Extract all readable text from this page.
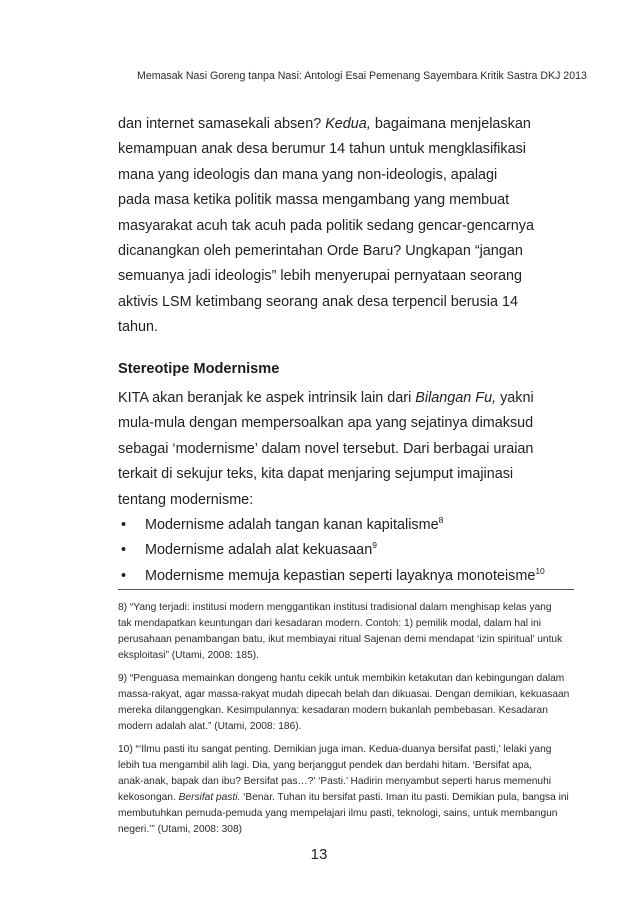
Memasak Nasi Goreng tanpa Nasi: Antologi Esai Pemenang Sayembara Kritik Sastra DKJ 2013
dan internet samasekali absen? Kedua, bagaimana menjelaskan
kemampuan anak desa berumur 14 tahun untuk mengklasifikasi
mana yang ideologis dan mana yang non-ideologis, apalagi
pada masa ketika politik massa mengambang yang membuat
masyarakat acuh tak acuh pada politik sedang gencar-gencarnya
dicanangkan oleh pemerintahan Orde Baru? Ungkapan “jangan
semuanya jadi ideologis” lebih menyerupai pernyataan seorang
aktivis LSM ketimbang seorang anak desa terpencil berusia 14
tahun.
Stereotipe Modernisme
KITA akan beranjak ke aspek intrinsik lain dari Bilangan Fu, yakni
mula-mula dengan mempersoalkan apa yang sejatinya dimaksud
sebagai ‘modernisme’ dalam novel tersebut. Dari berbagai uraian
terkait di sekujur teks, kita dapat menjaring sejumput imajinasi
tentang modernisme:
•	Modernisme adalah tangan kanan kapitalisme$^8$
•	Modernisme adalah alat kekuasaan$^9$
•	Modernisme memuja kepastian seperti layaknya monoteisme$^{10}$
8) “Yang terjadi: institusi modern menggantikan institusi tradisional dalam menghisap kelas yang
tak mendapatkan keuntungan dari kesadaran modern. Contoh: 1) pemilik modal, dalam hal ini
perusahaan penambangan batu, ikut membiayai ritual Sajenan demi mendapat ‘izin spiritual’ untuk
eksploitasi” (Utami, 2008: 185).
9) “Penguasa memainkan dongeng hantu cekik untuk membikin ketakutan dan kebingungan dalam
massa-rakyat, agar massa-rakyat mudah dipecah belah dan dikuasai. Dengan demikian, kekuasaan
mereka dilanggengkan. Kesimpulannya: kesadaran modern bukanlah pembebasan. Kesadaran
modern adalah alat.” (Utami, 2008: 186).
10) “‘Ilmu pasti itu sangat penting. Demikian juga iman. Kedua-duanya bersifat pasti,’ lelaki yang
lebih tua mengambil alih lagi. Dia, yang berjanggut pendek dan berdahi hitam. ‘Bersifat apa,
anak-anak, bapak dan ibu? Bersifat pas…?’ ‘Pasti.’ Hadirin menyambut seperti harus memenuhi
kekosongan. Bersifat pasti. ‘Benar. Tuhan itu bersifat pasti. Iman itu pasti. Demikian pula, bangsa ini
membutuhkan pemuda-pemuda yang mempelajari ilmu pasti, teknologi, sains, untuk membangun
negeri.’” (Utami, 2008: 308)
13
